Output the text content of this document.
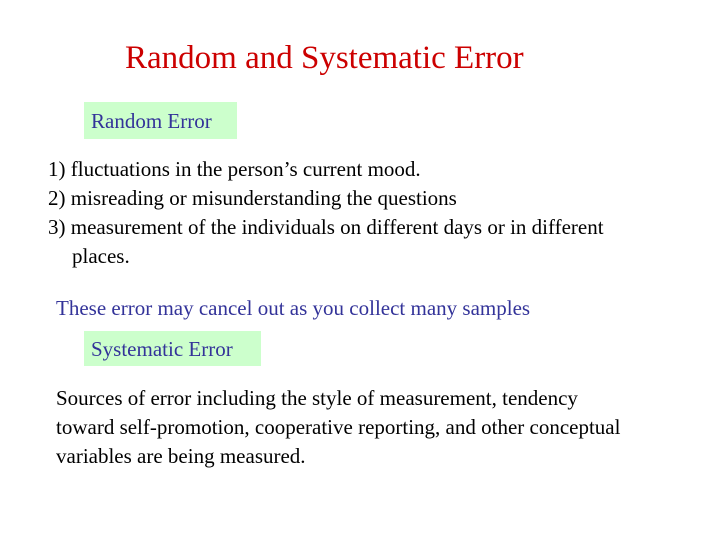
Random and Systematic Error
Random Error
1) fluctuations in the person’s current mood.
2) misreading or misunderstanding the questions
3) measurement of the individuals on different days or in different
places.
These error may cancel out as you collect many samples
Systematic Error
Sources of error including the style of measurement, tendency
toward self-promotion, cooperative reporting, and other conceptual
variables are being measured.
